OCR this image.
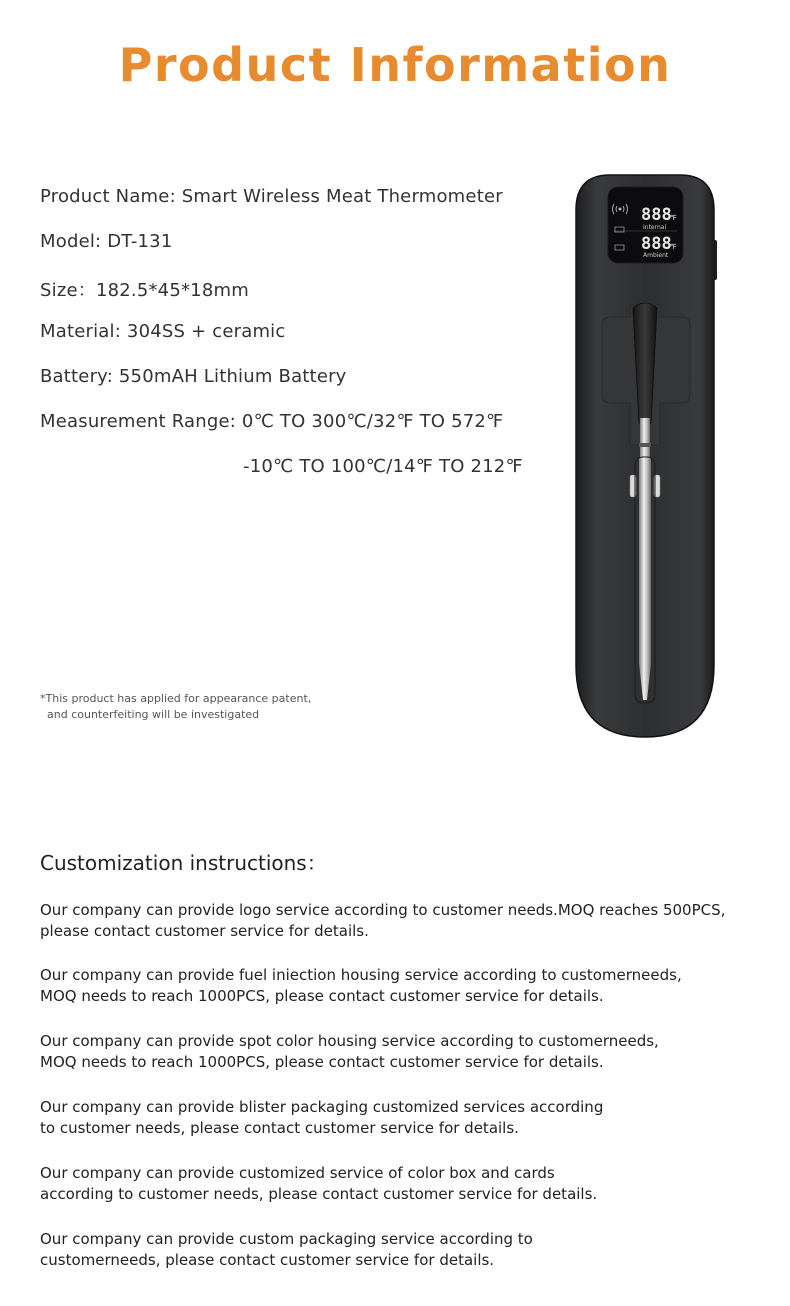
Product Information
Product Name: Smart Wireless Meat Thermometer
Model: DT-131
Size：182.5*45*18mm
Material: 304SS + ceramic
Battery: 550mAH Lithium Battery
Measurement Range: 0℃ TO 300℃/32℉ TO 572℉
-10℃ TO 100℃/14℉ TO 212℉
*This product has applied for appearance patent,
and counterfeiting will be investigated
888
℉
Internal
888
℉
Ambient
Customization instructions：
Our company can provide logo service according to customer needs.MOQ reaches 500PCS,
please contact customer service for details.
Our company can provide fuel iniection housing service according to customerneeds,
MOQ needs to reach 1000PCS, please contact customer service for details.
Our company can provide spot color housing service according to customerneeds,
MOQ needs to reach 1000PCS, please contact customer service for details.
Our company can provide blister packaging customized services according
to customer needs, please contact customer service for details.
Our company can provide customized service of color box and cards
according to customer needs, please contact customer service for details.
Our company can provide custom packaging service according to
customerneeds, please contact customer service for details.
